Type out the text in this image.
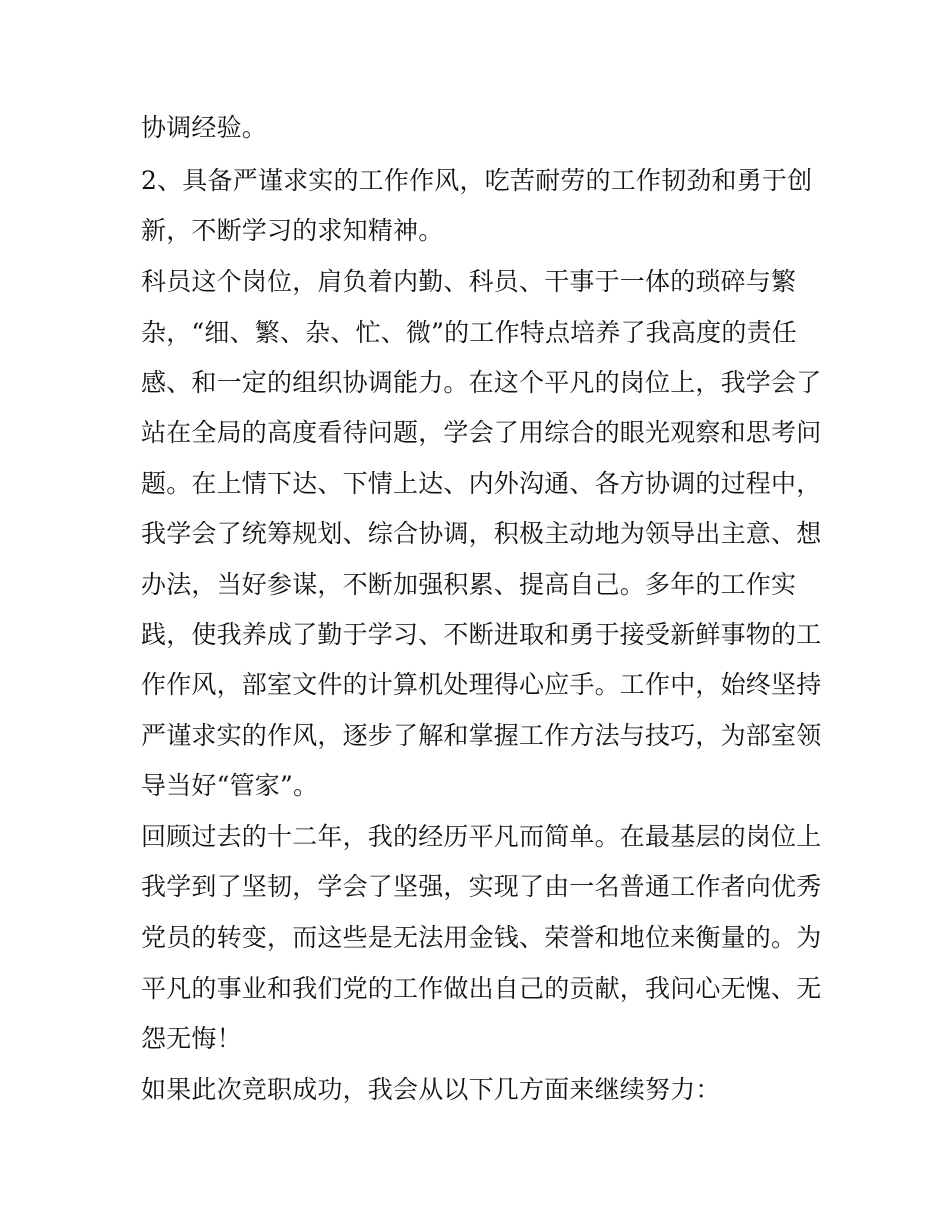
协调经验。
2、具备严谨求实的工作作风，吃苦耐劳的工作韧劲和勇于创
新，不断学习的求知精神。
科员这个岗位，肩负着内勤、科员、干事于一体的琐碎与繁
杂，“细、繁、杂、忙、微”的工作特点培养了我高度的责任
感、和一定的组织协调能力。在这个平凡的岗位上，我学会了
站在全局的高度看待问题，学会了用综合的眼光观察和思考问
题。在上情下达、下情上达、内外沟通、各方协调的过程中，
我学会了统筹规划、综合协调，积极主动地为领导出主意、想
办法，当好参谋，不断加强积累、提高自己。多年的工作实
践，使我养成了勤于学习、不断进取和勇于接受新鲜事物的工
作作风，部室文件的计算机处理得心应手。工作中，始终坚持
严谨求实的作风，逐步了解和掌握工作方法与技巧，为部室领
导当好“管家”。
回顾过去的十二年，我的经历平凡而简单。在最基层的岗位上
我学到了坚韧，学会了坚强，实现了由一名普通工作者向优秀
党员的转变，而这些是无法用金钱、荣誉和地位来衡量的。为
平凡的事业和我们党的工作做出自己的贡献，我问心无愧、无
怨无悔！
如果此次竞职成功，我会从以下几方面来继续努力：
